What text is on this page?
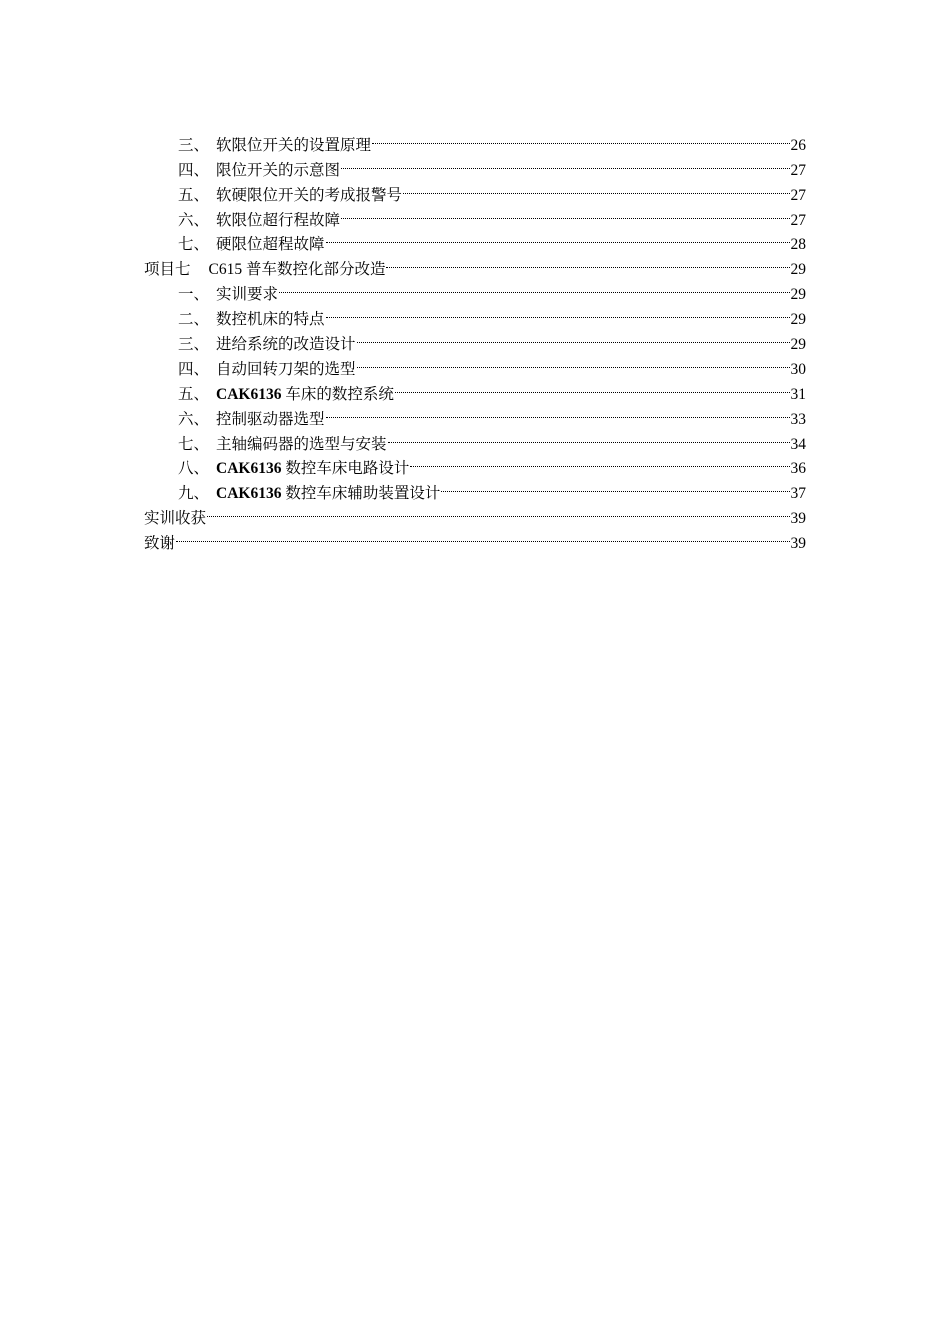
三、 软限位开关的设置原理	26
四、 限位开关的示意图	27
五、 软硬限位开关的考成报警号	27
六、 软限位超行程故障	27
七、 硬限位超程故障	28
项目七 C615 普车数控化部分改造	29
一、 实训要求	29
二、 数控机床的特点	29
三、 进给系统的改造设计	29
四、 自动回转刀架的选型	30
五、 CAK6136 车床的数控系统	31
六、 控制驱动器选型	33
七、 主轴编码器的选型与安装	34
八、 CAK6136 数控车床电路设计	36
九、 CAK6136 数控车床辅助装置设计	37
实训收获	39
致谢	39
